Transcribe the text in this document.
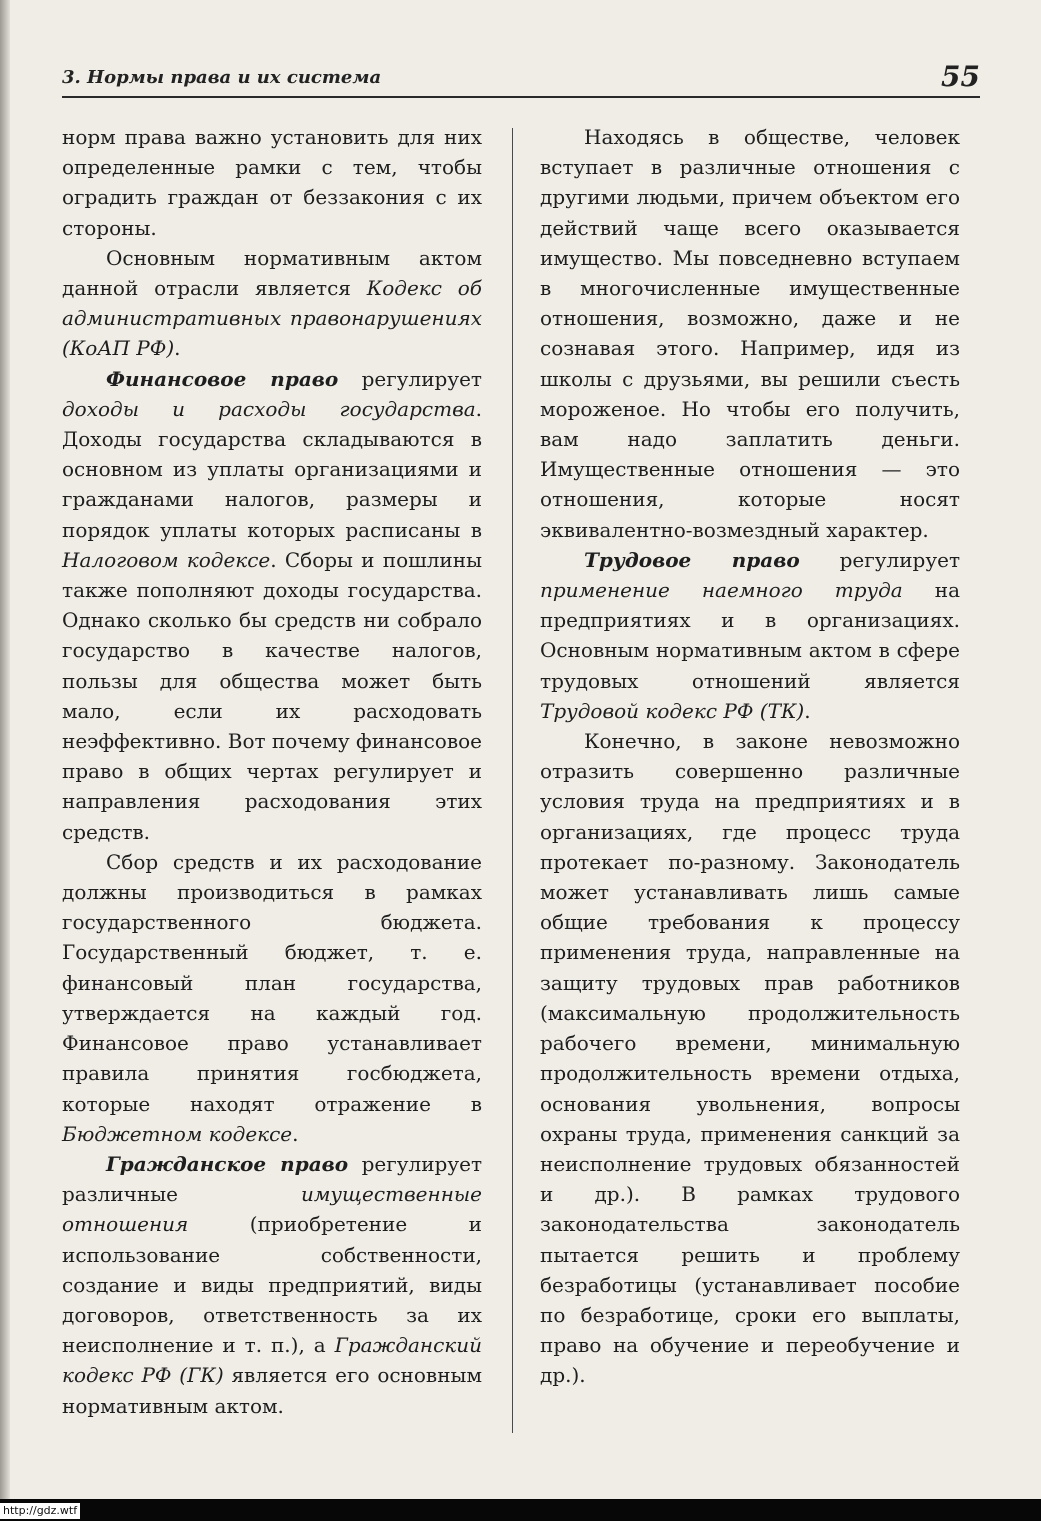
3. Нормы права и их система	55

норм права важно установить для них определенные рамки с тем, чтобы оградить граждан от беззакония с их стороны.

Основным нормативным актом данной отрасли является Кодекс об административных правонарушениях (КоАП РФ).

Финансовое право регулирует доходы и расходы государства. Доходы государства складываются в основном из уплаты организациями и гражданами налогов, размеры и порядок уплаты которых расписаны в Налоговом кодексе. Сборы и пошлины также пополняют доходы государства. Однако сколько бы средств ни собрало государство в качестве налогов, пользы для общества может быть мало, если их расходовать неэффективно. Вот почему финансовое право в общих чертах регулирует и направления расходования этих средств.

Сбор средств и их расходование должны производиться в рамках государственного бюджета. Государственный бюджет, т. е. финансовый план государства, утверждается на каждый год. Финансовое право устанавливает правила принятия госбюджета, которые находят отражение в Бюджетном кодексе.

Гражданское право регулирует различные имущественные отношения (приобретение и использование собственности, создание и виды предприятий, виды договоров, ответственность за их неисполнение и т. п.), а Гражданский кодекс РФ (ГК) является его основным нормативным актом.

Находясь в обществе, человек вступает в различные отношения с другими людьми, причем объектом его действий чаще всего оказывается имущество. Мы повседневно вступаем в многочисленные имущественные отношения, возможно, даже и не сознавая этого. Например, идя из школы с друзьями, вы решили съесть мороженое. Но чтобы его получить, вам надо заплатить деньги. Имущественные отношения — это отношения, которые носят эквивалентно-возмездный характер.

Трудовое право регулирует применение наемного труда на предприятиях и в организациях. Основным нормативным актом в сфере трудовых отношений является Трудовой кодекс РФ (ТК).

Конечно, в законе невозможно отразить совершенно различные условия труда на предприятиях и в организациях, где процесс труда протекает по-разному. Законодатель может устанавливать лишь самые общие требования к процессу применения труда, направленные на защиту трудовых прав работников (максимальную продолжительность рабочего времени, минимальную продолжительность времени отдыха, основания увольнения, вопросы охраны труда, применения санкций за неисполнение трудовых обязанностей и др.). В рамках трудового законодательства законодатель пытается решить и проблему безработицы (устанавливает пособие по безработице, сроки его выплаты, право на обучение и переобучение и др.).

http://gdz.wtf
